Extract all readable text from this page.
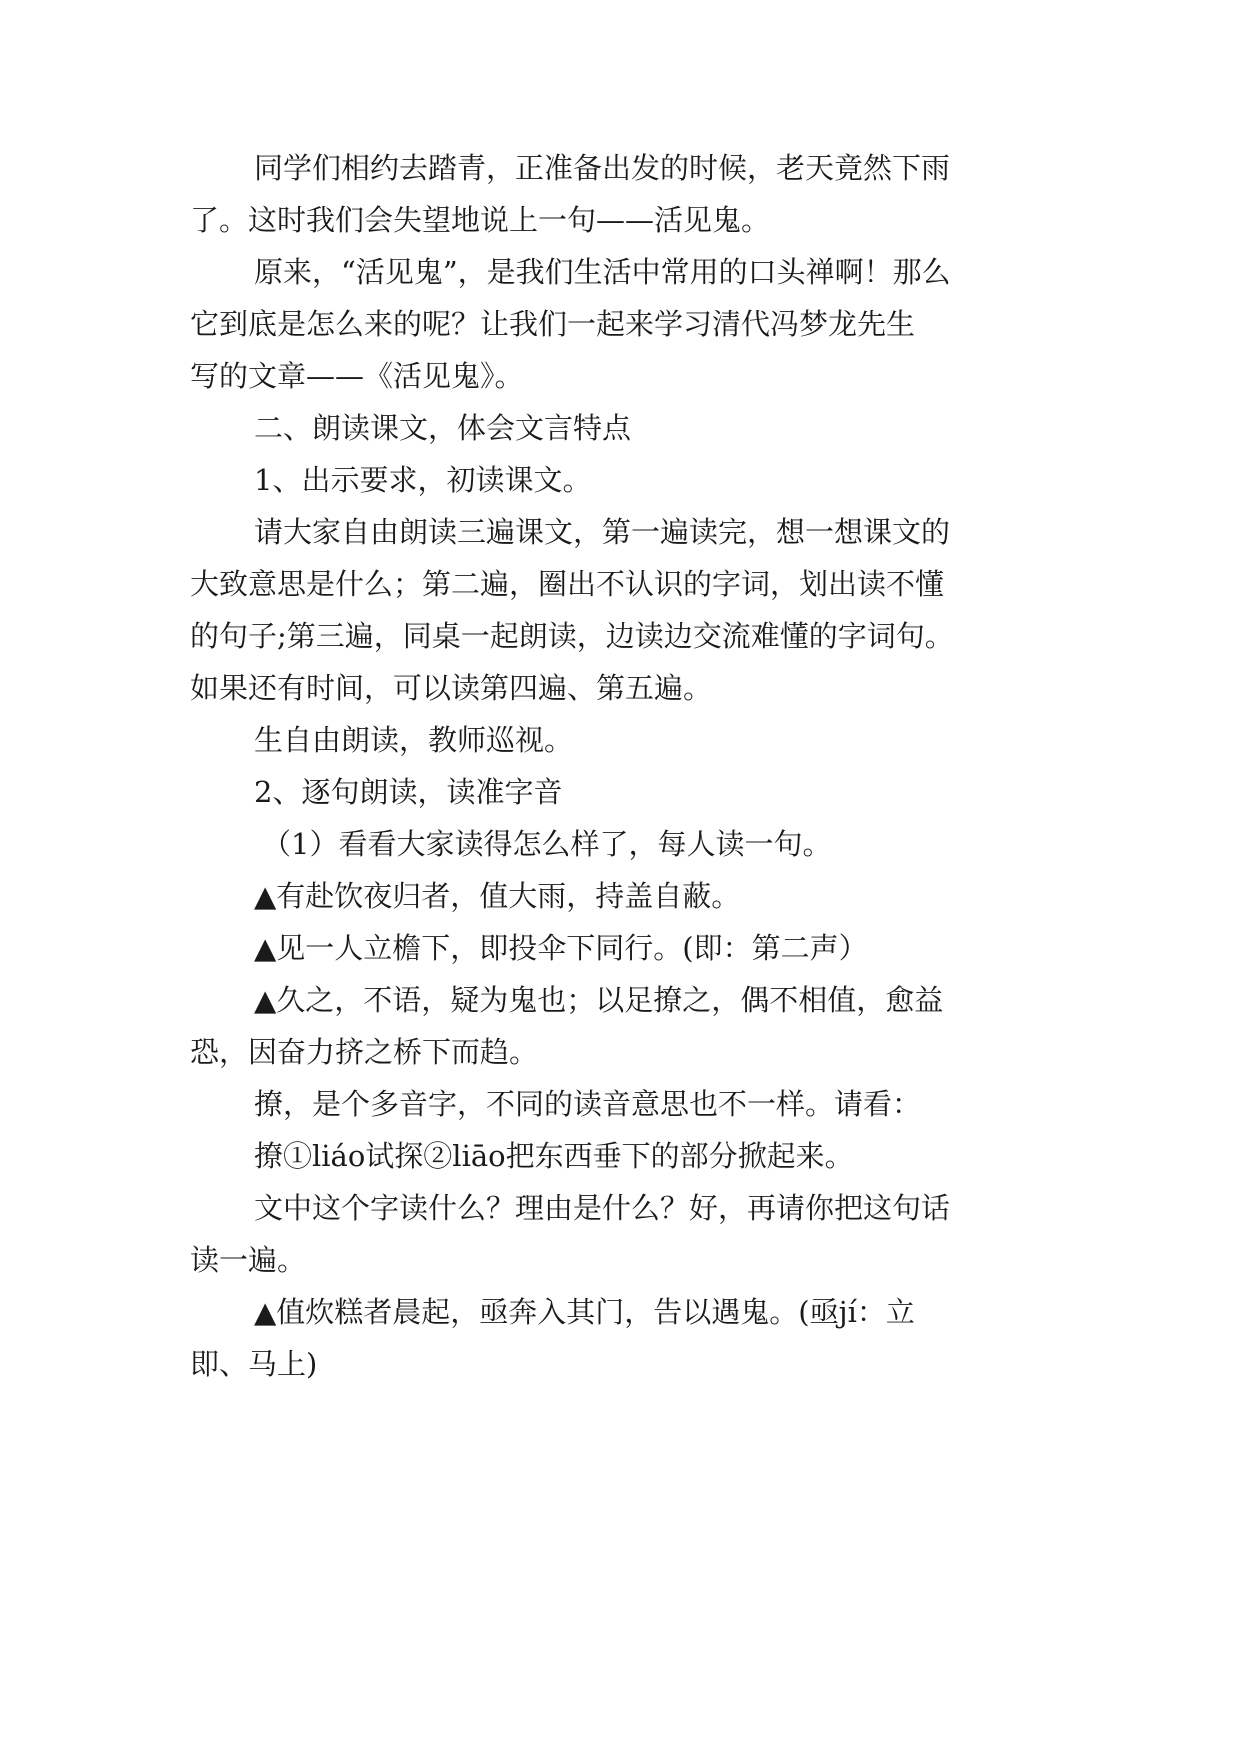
同学们相约去踏青，正准备出发的时候，老天竟然下雨
了。这时我们会失望地说上一句——活见鬼。
原来，“活见鬼”，是我们生活中常用的口头禅啊！那么
它到底是怎么来的呢？让我们一起来学习清代冯梦龙先生
写的文章——《活见鬼》。
二、朗读课文，体会文言特点
1、出示要求，初读课文。
请大家自由朗读三遍课文，第一遍读完，想一想课文的
大致意思是什么；第二遍，圈出不认识的字词，划出读不懂
的句子;第三遍，同桌一起朗读，边读边交流难懂的字词句。
如果还有时间，可以读第四遍、第五遍。
生自由朗读，教师巡视。
2、逐句朗读，读准字音
（1）看看大家读得怎么样了，每人读一句。
▲有赴饮夜归者，值大雨，持盖自蔽。
▲见一人立檐下，即投伞下同行。(即：第二声）
▲久之，不语，疑为鬼也；以足撩之，偶不相值，愈益
恐，因奋力挤之桥下而趋。
撩，是个多音字，不同的读音意思也不一样。请看：
撩①liáo试探②liāo把东西垂下的部分掀起来。
文中这个字读什么？理由是什么？好，再请你把这句话
读一遍。
▲值炊糕者晨起，亟奔入其门，告以遇鬼。(亟jí：立
即、马上)
